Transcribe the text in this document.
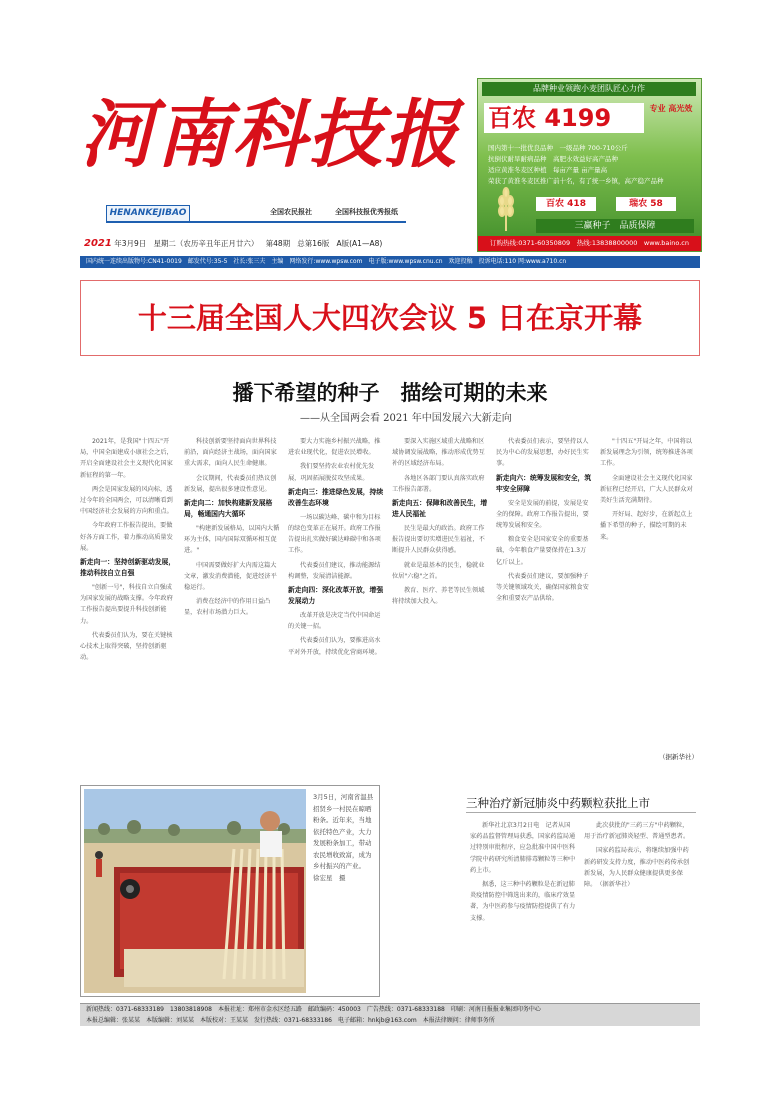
河南科技报
HENANKEJIBAO	全国农民报社	全国科技报优秀报纸
2021 年3月9日 星期二（农历辛丑年正月廿六） 第48期 总第16版 A版(A1—A8)
国内统一连续出版物号:CN41-0019　邮发代号:35-5　社长:张三夫　主编　网络发行:www.wpsw.com　电子版:www.wpsw.cnu.cn　欢迎投稿　投诉电话:110 网:www.a710.cn
品牌种业领跑小麦团队匠心力作
百农 4199	专业 高光效
国内第十一批优良品种　一级品种 700-710公斤
抗倒伏耐旱耐病品种　高肥水效益好高产品种
适应黄淮冬麦区种植　每亩产量 亩产量高
荣获了黄淮冬麦区推广前十名，有了统一乡镇，高产稳产品种
百农 418	瑞农 58
三赢种子　品质保障
订购热线:0371-60350809　热线:13838800000　www.baino.cn
十三届全国人大四次会议 5 日在京开幕
播下希望的种子　描绘可期的未来
——从全国两会看 2021 年中国发展六大新走向

2021年，是我国"十四五"开局，中国全面建成小康社会之后，开启全面建设社会主义现代化国家新征程的第一年。

两会是国家发展的风向标，透过今年的全国两会，可以清晰看到中国经济社会发展的方向和重点。

今年政府工作报告提出，要做好各方面工作，着力推动高质量发展。

新走向一：坚持创新驱动发展，推动科技自立自强

"创新一号"，科技自立自强成为国家发展的战略支撑。今年政府工作报告提出要提升科技创新能力。

代表委员们认为，要在关键核心技术上取得突破，坚持创新驱动。

科技创新要坚持面向世界科技前沿，面向经济主战场，面向国家重大需求，面向人民生命健康。

会议期间，代表委员们热议创新发展，提出很多建设性意见。

新走向二：加快构建新发展格局，畅通国内大循环

"构建新发展格局，以国内大循环为主体，国内国际双循环相互促进。"

中国需要做好扩大内需这篇大文章，激发消费潜能，促进经济平稳运行。

消费在经济中的作用日益凸显，农村市场潜力巨大。

要大力实施乡村振兴战略，推进农业现代化，促进农民增收。

我们要坚持农业农村优先发展，巩固拓展脱贫攻坚成果。

新走向三：推进绿色发展，持续改善生态环境

一场以碳达峰、碳中和为目标的绿色变革正在展开。政府工作报告提出扎实做好碳达峰碳中和各项工作。

代表委员们建议，推动能源结构调整，发展清洁能源。

新走向四：深化改革开放，增强发展动力

改革开放是决定当代中国命运的关键一招。

代表委员们认为，要推进高水平对外开放，持续优化营商环境。

要深入实施区域重大战略和区域协调发展战略，推动形成优势互补的区域经济布局。

各地区各部门要认真落实政府工作报告部署。

新走向五：保障和改善民生，增进人民福祉

民生是最大的政治。政府工作报告提出要切实增进民生福祉，不断提升人民群众获得感。

就业是最基本的民生，稳就业位居"六稳"之首。

教育、医疗、养老等民生领域将持续加大投入。

代表委员们表示，要坚持以人民为中心的发展思想，办好民生实事。

新走向六：统筹发展和安全，筑牢安全屏障

安全是发展的前提，发展是安全的保障。政府工作报告提出，要统筹发展和安全。

粮食安全是国家安全的重要基础，今年粮食产量要保持在1.3万亿斤以上。

代表委员们建议，要加强种子等关键领域攻关，确保国家粮食安全和重要农产品供给。

"十四五"开局之年，中国将以新发展理念为引领，统筹推进各项工作。

全面建设社会主义现代化国家新征程已经开启，广大人民群众对美好生活充满期待。

开好局、起好步，在新起点上播下希望的种子，描绘可期的未来。

（据新华社）
3月5日，河南省温县招贤乡一村民在晾晒粉条。近年来，当地依托特色产业，大力发展粉条加工，带动农民增收致富，成为乡村振兴的产业。　　徐宏星　摄
三种治疗新冠肺炎中药颗粒获批上市

新华社北京3月2日电　记者从国家药品监督管理局获悉，国家药监局通过特别审批程序，应急批准中国中医科学院中药研究所清肺排毒颗粒等三种中药上市。

据悉，这三种中药颗粒是在新冠肺炎疫情防控中筛选出来的，临床疗效显著，为中医药参与疫情防控提供了有力支撑。

此次获批的"三药三方"中药颗粒，用于治疗新冠肺炎轻型、普通型患者。

国家药监局表示，将继续加强中药新药研发支持力度，推动中医药传承创新发展，为人民群众健康提供更多保障。　（据新华社）

新闻热线：0371-68333189　13803818908　本报社址：郑州市金水区经五路　邮政编码：450003　广告热线：0371-68333188　印刷：河南日报报业集团印务中心
本报总编辑：张某某　本版编辑：刘某某　本版校对：王某某　发行热线：0371-68333186　电子邮箱：hnkjb@163.com　本报法律顾问：律师事务所
